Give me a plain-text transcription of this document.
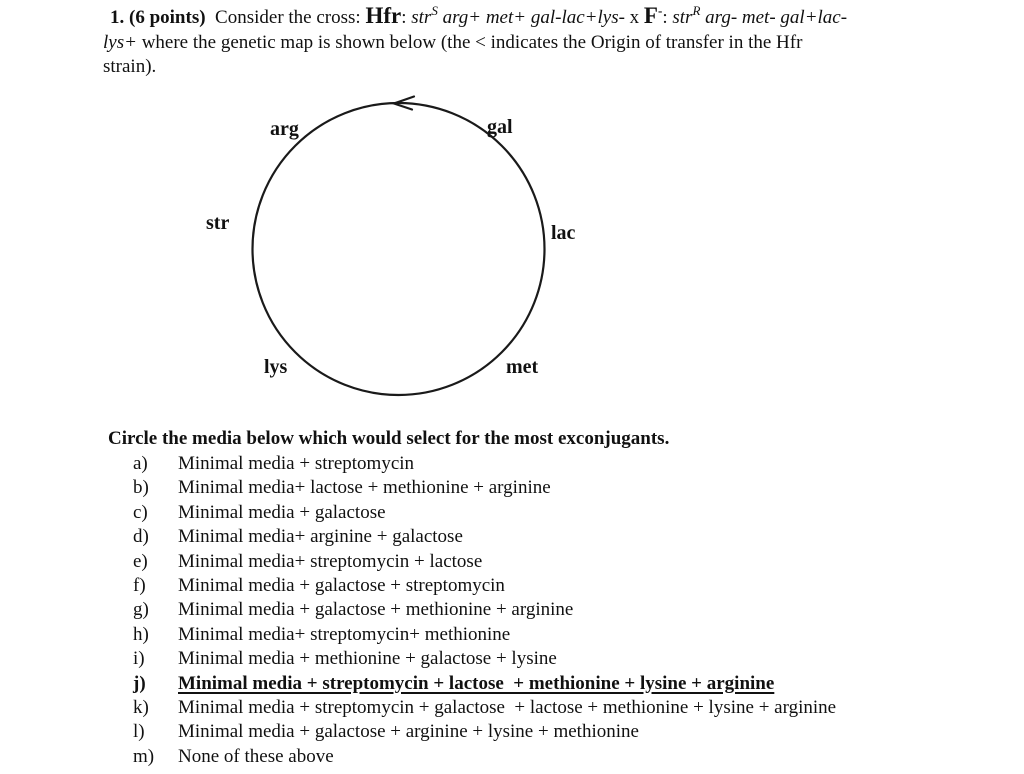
1. (6 points)  Consider the cross: Hfr: str$^S$ arg+ met+ gal-lac+lys- x F-: str$^R$ arg- met- gal+lac-
lys+ where the genetic map is shown below (the < indicates the Origin of transfer in the Hfr
strain).
arg	gal
str	lac
lys	met
Circle the media below which would select for the most exconjugants.
a)	Minimal media + streptomycin
b)	Minimal media+ lactose + methionine + arginine
c)	Minimal media + galactose
d)	Minimal media+ arginine + galactose
e)	Minimal media+ streptomycin + lactose
f)	Minimal media + galactose + streptomycin
g)	Minimal media + galactose + methionine + arginine
h)	Minimal media+ streptomycin+ methionine
i)	Minimal media + methionine + galactose + lysine
j)	Minimal media + streptomycin + lactose  + methionine + lysine + arginine
k)	Minimal media + streptomycin + galactose  + lactose + methionine + lysine + arginine
l)	Minimal media + galactose + arginine + lysine + methionine
m)	None of these above
